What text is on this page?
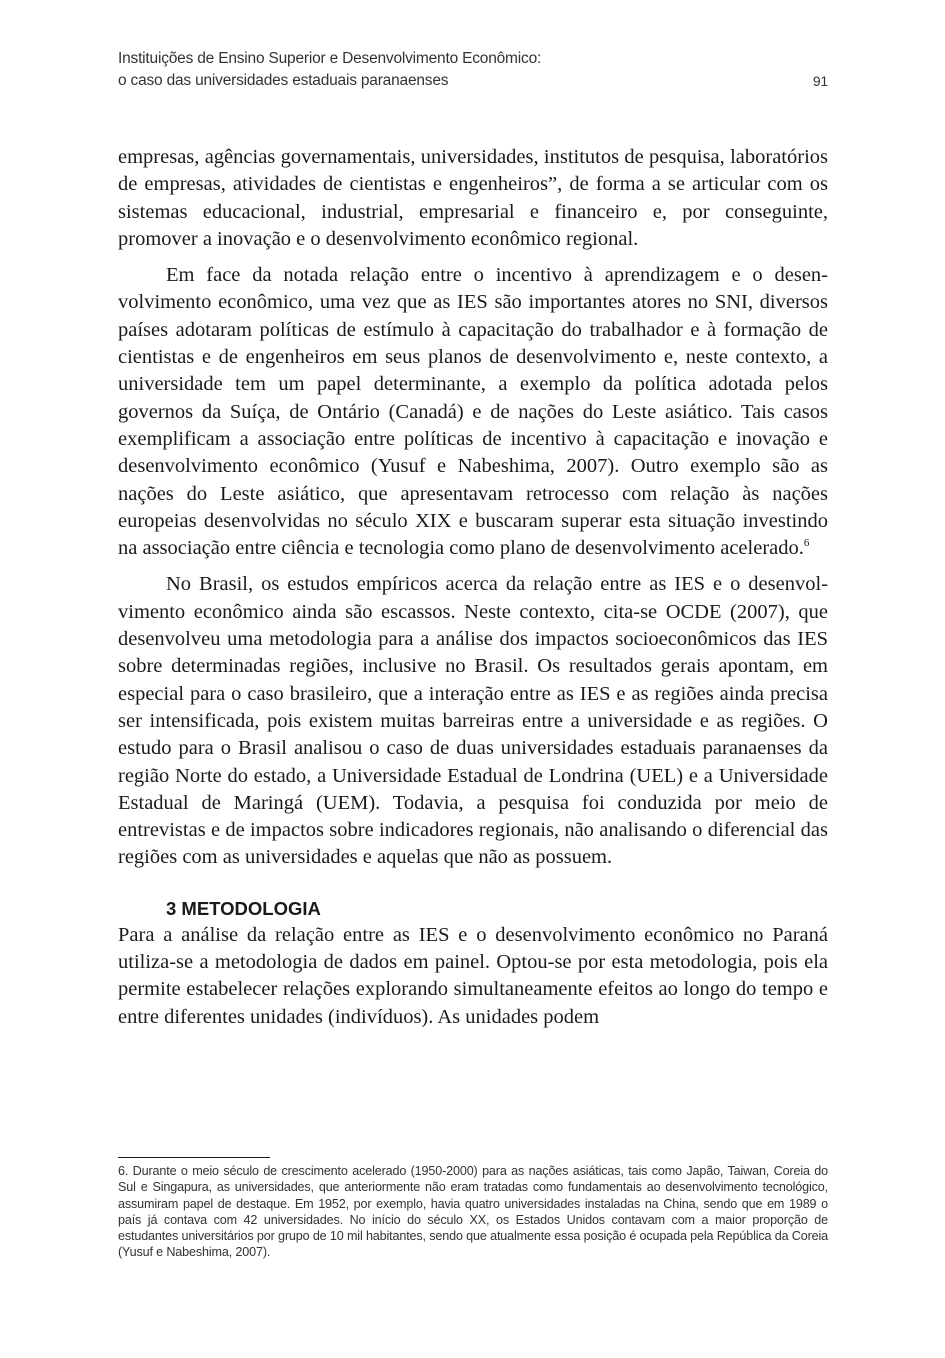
Instituições de Ensino Superior e Desenvolvimento Econômico:
o caso das universidades estaduais paranaenses	91

empresas, agências governamentais, universidades, institutos de pesquisa, laboratórios de empresas, atividades de cientistas e engenheiros”, de forma a se articular com os sistemas educacional, industrial, empresarial e financeiro e, por conseguinte, promover a inovação e o desenvolvimento econômico regional.

Em face da notada relação entre o incentivo à aprendizagem e o desenvolvimento econômico, uma vez que as IES são importantes atores no SNI, diversos países adotaram políticas de estímulo à capacitação do trabalhador e à formação de cientistas e de engenheiros em seus planos de desenvolvimento e, neste contexto, a universidade tem um papel determinante, a exemplo da política adotada pelos governos da Suíça, de Ontário (Canadá) e de nações do Leste asiático. Tais casos exemplificam a associação entre políticas de incentivo à capacitação e inovação e desenvolvimento econômico (Yusuf e Nabeshima, 2007). Outro exemplo são as nações do Leste asiático, que apresentavam retrocesso com relação às nações europeias desenvolvidas no século XIX e buscaram superar esta situação investindo na associação entre ciência e tecnologia como plano de desenvolvimento acelerado.$^6$

No Brasil, os estudos empíricos acerca da relação entre as IES e o desenvolvimento econômico ainda são escassos. Neste contexto, cita-se OCDE (2007), que desenvolveu uma metodologia para a análise dos impactos socioeconômicos das IES sobre determinadas regiões, inclusive no Brasil. Os resultados gerais apontam, em especial para o caso brasileiro, que a interação entre as IES e as regiões ainda precisa ser intensificada, pois existem muitas barreiras entre a universidade e as regiões. O estudo para o Brasil analisou o caso de duas universidades estaduais paranaenses da região Norte do estado, a Universidade Estadual de Londrina (UEL) e a Universidade Estadual de Maringá (UEM). Todavia, a pesquisa foi conduzida por meio de entrevistas e de impactos sobre indicadores regionais, não analisando o diferencial das regiões com as universidades e aquelas que não as possuem.

3 METODOLOGIA

Para a análise da relação entre as IES e o desenvolvimento econômico no Paraná utiliza-se a metodologia de dados em painel. Optou-se por esta metodologia, pois ela permite estabelecer relações explorando simultaneamente efeitos ao longo do tempo e entre diferentes unidades (indivíduos). As unidades podem

6. Durante o meio século de crescimento acelerado (1950-2000) para as nações asiáticas, tais como Japão, Taiwan, Coreia do Sul e Singapura, as universidades, que anteriormente não eram tratadas como fundamentais ao desenvolvimento tecnológico, assumiram papel de destaque. Em 1952, por exemplo, havia quatro universidades instaladas na China, sendo que em 1989 o país já contava com 42 universidades. No início do século XX, os Estados Unidos contavam com a maior proporção de estudantes universitários por grupo de 10 mil habitantes, sendo que atualmente essa posição é ocupada pela República da Coreia (Yusuf e Nabeshima, 2007).
